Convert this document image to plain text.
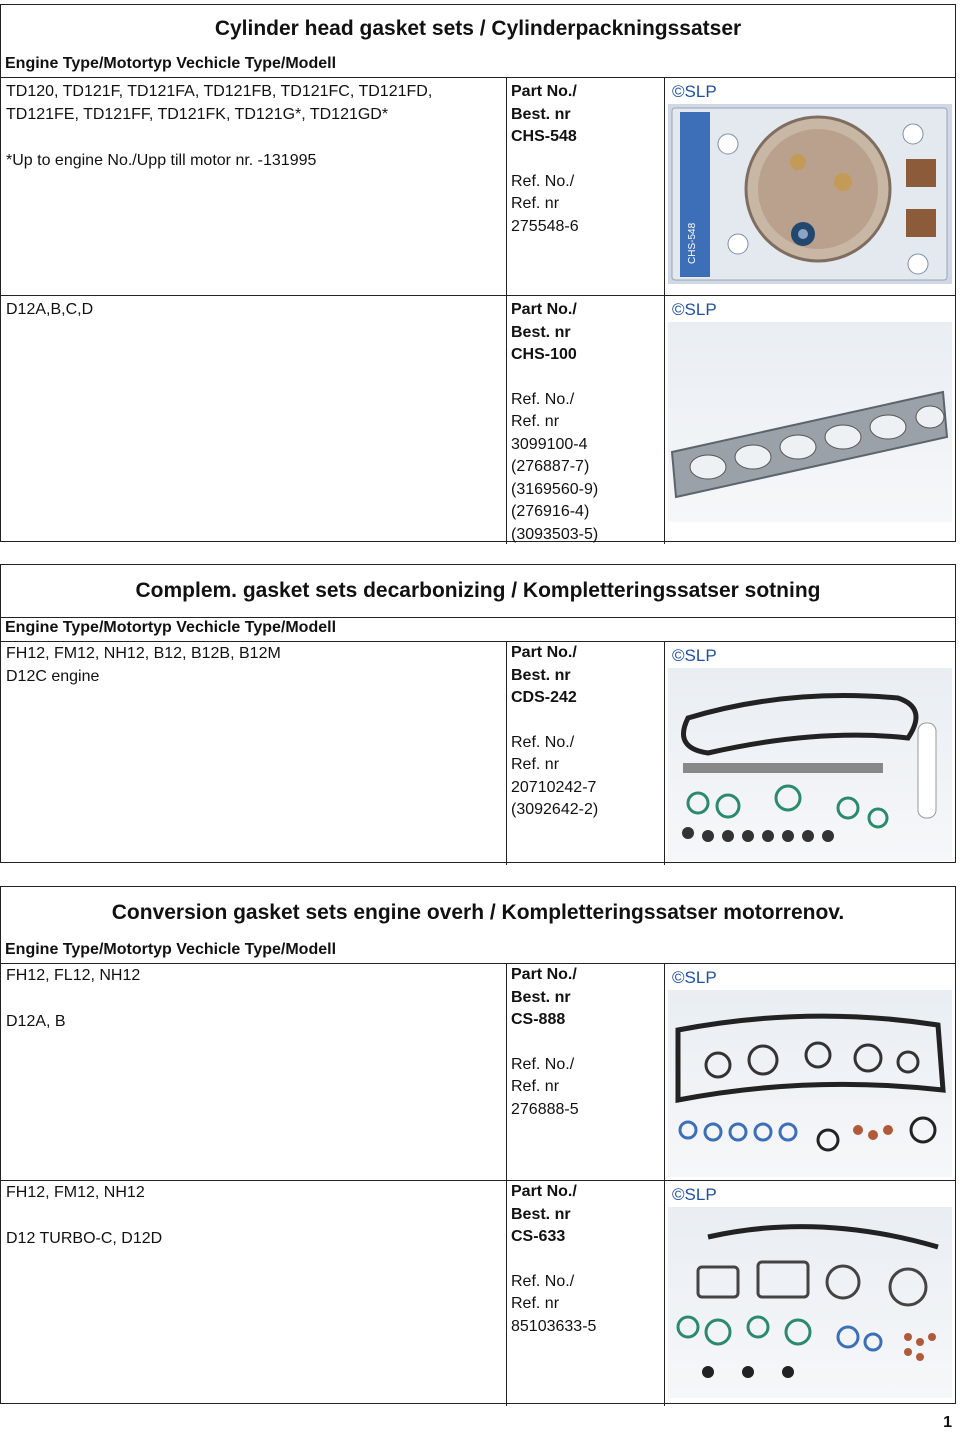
Cylinder head gasket sets / Cylinderpackningssatser
Engine Type/Motortyp Vechicle Type/Modell
TD120, TD121F, TD121FA, TD121FB, TD121FC, TD121FD,
TD121FE, TD121FF, TD121FK, TD121G*, TD121GD*

*Up to engine No./Upp till motor nr. -131995
Part No./
Best. nr
CHS-548
Ref. No./
Ref. nr
275548-6
©SLP
CHS-548
D12A,B,C,D	Part No./
Best. nr
CHS-100
Ref. No./
Ref. nr
3099100-4
(276887-7)
(3169560-9)
(276916-4)
(3093503-5)
©SLP
Complem. gasket sets decarbonizing / Kompletteringssatser sotning
Engine Type/Motortyp Vechicle Type/Modell
FH12, FM12, NH12, B12, B12B, B12M
D12C engine
Part No./
Best. nr
CDS-242
Ref. No./
Ref. nr
20710242-7
(3092642-2)
©SLP
Conversion gasket sets engine overh / Kompletteringssatser motorrenov.
Engine Type/Motortyp Vechicle Type/Modell
FH12, FL12, NH12

D12A, B
Part No./
Best. nr
CS-888
Ref. No./
Ref. nr
276888-5
©SLP
FH12, FM12, NH12

D12 TURBO-C, D12D
Part No./
Best. nr
CS-633
Ref. No./
Ref. nr
85103633-5
©SLP
1
